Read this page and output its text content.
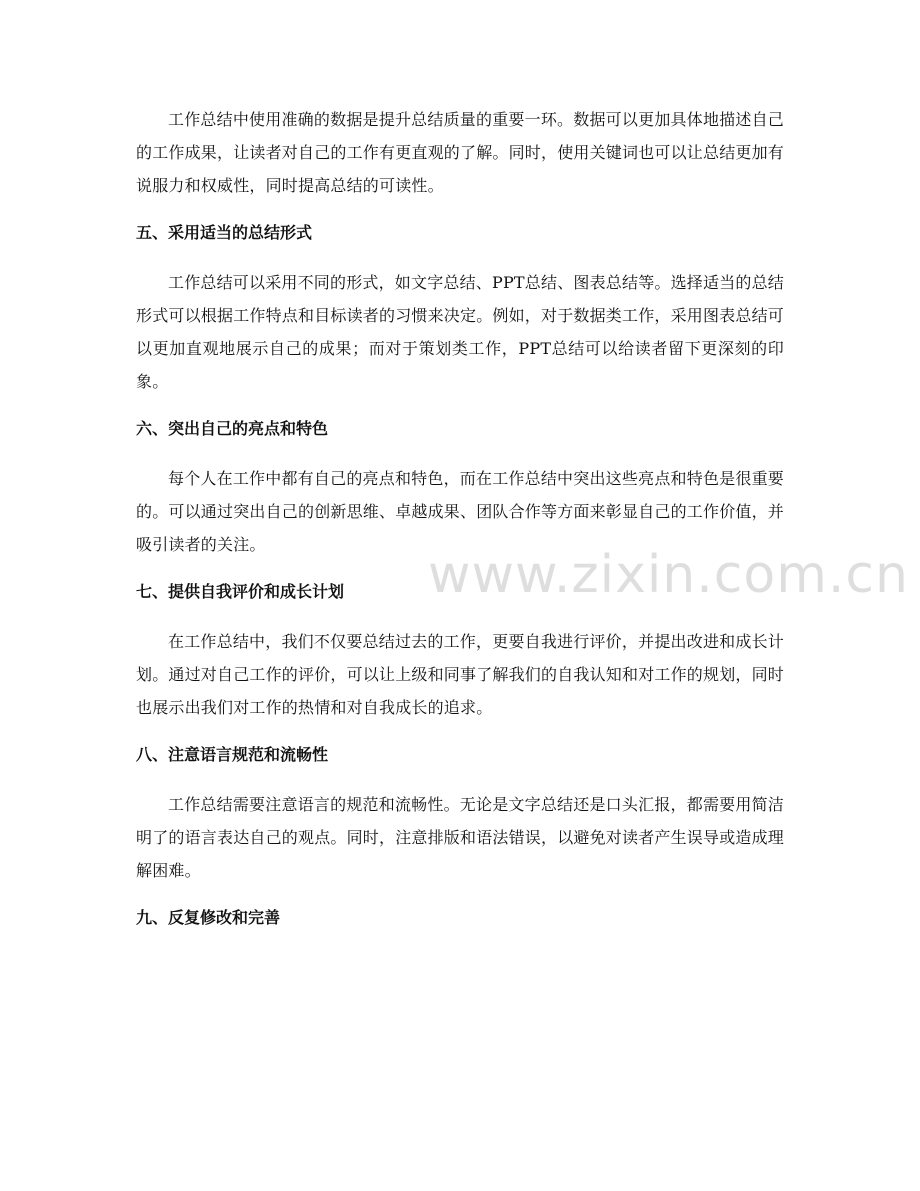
工作总结中使用准确的数据是提升总结质量的重要一环。数据可以更加具体地描述自己的工作成果，让读者对自己的工作有更直观的了解。同时，使用关键词也可以让总结更加有说服力和权威性，同时提高总结的可读性。

五、采用适当的总结形式

工作总结可以采用不同的形式，如文字总结、PPT总结、图表总结等。选择适当的总结形式可以根据工作特点和目标读者的习惯来决定。例如，对于数据类工作，采用图表总结可以更加直观地展示自己的成果；而对于策划类工作，PPT总结可以给读者留下更深刻的印象。

六、突出自己的亮点和特色

每个人在工作中都有自己的亮点和特色，而在工作总结中突出这些亮点和特色是很重要的。可以通过突出自己的创新思维、卓越成果、团队合作等方面来彰显自己的工作价值，并吸引读者的关注。

七、提供自我评价和成长计划

在工作总结中，我们不仅要总结过去的工作，更要自我进行评价，并提出改进和成长计划。通过对自己工作的评价，可以让上级和同事了解我们的自我认知和对工作的规划，同时也展示出我们对工作的热情和对自我成长的追求。

八、注意语言规范和流畅性

工作总结需要注意语言的规范和流畅性。无论是文字总结还是口头汇报，都需要用简洁明了的语言表达自己的观点。同时，注意排版和语法错误，以避免对读者产生误导或造成理解困难。

九、反复修改和完善
www.zixin.com.cn
